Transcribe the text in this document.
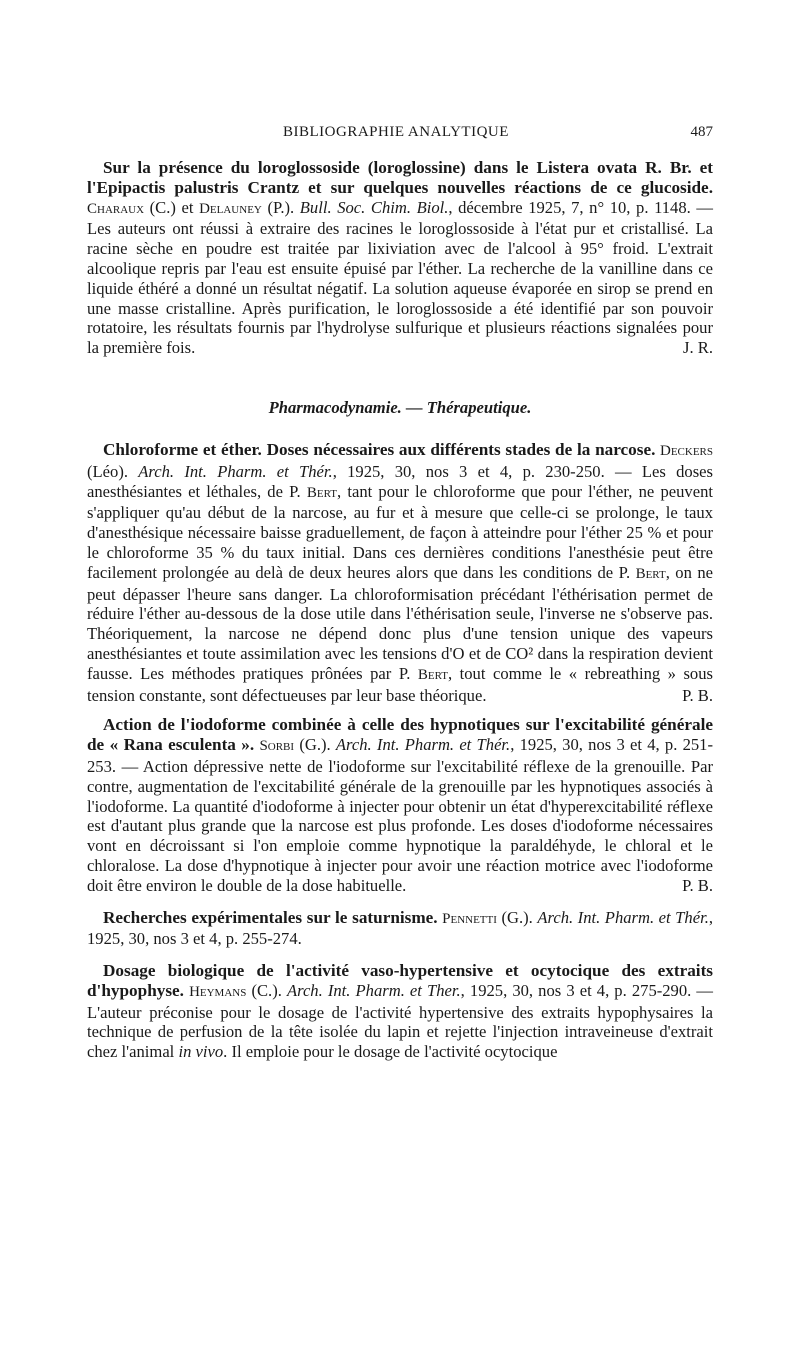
BIBLIOGRAPHIE ANALYTIQUE	487

Sur la présence du loroglossoside (loroglossine) dans le Listera ovata R. Br. et l'Epipactis palustris Crantz et sur quelques nouvelles réactions de ce glucoside. Charaux (C.) et Delauney (P.). Bull. Soc. Chim. Biol., décembre 1925, 7, n° 10, p. 1148. — Les auteurs ont réussi à extraire des racines le loroglossoside à l'état pur et cristallisé. La racine sèche en poudre est traitée par lixiviation avec de l'alcool à 95° froid. L'extrait alcoolique repris par l'eau est ensuite épuisé par l'éther. La recherche de la vanilline dans ce liquide éthéré a donné un résultat négatif. La solution aqueuse évaporée en sirop se prend en une masse cristalline. Après purification, le loroglossoside a été identifié par son pouvoir rotatoire, les résultats fournis par l'hydrolyse sulfurique et plusieurs réactions signalées pour la première fois.	J. R.

Pharmacodynamie. — Thérapeutique.

Chloroforme et éther. Doses nécessaires aux différents stades de la narcose. Deckers (Léo). Arch. Int. Pharm. et Thér., 1925, 30, nos 3 et 4, p. 230-250. — Les doses anesthésiantes et léthales, de P. Bert, tant pour le chloroforme que pour l'éther, ne peuvent s'appliquer qu'au début de la narcose, au fur et à mesure que celle-ci se prolonge, le taux d'anesthésique nécessaire baisse graduellement, de façon à atteindre pour l'éther 25 % et pour le chloroforme 35 % du taux initial. Dans ces dernières conditions l'anesthésie peut être facilement prolongée au delà de deux heures alors que dans les conditions de P. Bert, on ne peut dépasser l'heure sans danger. La chloroformisation précédant l'éthérisation permet de réduire l'éther au-dessous de la dose utile dans l'éthérisation seule, l'inverse ne s'observe pas. Théoriquement, la narcose ne dépend donc plus d'une tension unique des vapeurs anesthésiantes et toute assimilation avec les tensions d'O et de CO² dans la respiration devient fausse. Les méthodes pratiques prônées par P. Bert, tout comme le « rebreathing » sous tension constante, sont défectueuses par leur base théorique.	P. B.

Action de l'iodoforme combinée à celle des hypnotiques sur l'excitabilité générale de « Rana esculenta ». Sorbi (G.). Arch. Int. Pharm. et Thér., 1925, 30, nos 3 et 4, p. 251-253. — Action dépressive nette de l'iodoforme sur l'excitabilité réflexe de la grenouille. Par contre, augmentation de l'excitabilité générale de la grenouille par les hypnotiques associés à l'iodoforme. La quantité d'iodoforme à injecter pour obtenir un état d'hyperexcitabilité réflexe est d'autant plus grande que la narcose est plus profonde. Les doses d'iodoforme nécessaires vont en décroissant si l'on emploie comme hypnotique la paraldéhyde, le chloral et le chloralose. La dose d'hypnotique à injecter pour avoir une réaction motrice avec l'iodoforme doit être environ le double de la dose habituelle.	P. B.

Recherches expérimentales sur le saturnisme. Pennetti (G.). Arch. Int. Pharm. et Thér., 1925, 30, nos 3 et 4, p. 255-274.

Dosage biologique de l'activité vaso-hypertensive et ocytocique des extraits d'hypophyse. Heymans (C.). Arch. Int. Pharm. et Ther., 1925, 30, nos 3 et 4, p. 275-290. — L'auteur préconise pour le dosage de l'activité hypertensive des extraits hypophysaires la technique de perfusion de la tête isolée du lapin et rejette l'injection intraveineuse d'extrait chez l'animal in vivo. Il emploie pour le dosage de l'activité ocytocique
